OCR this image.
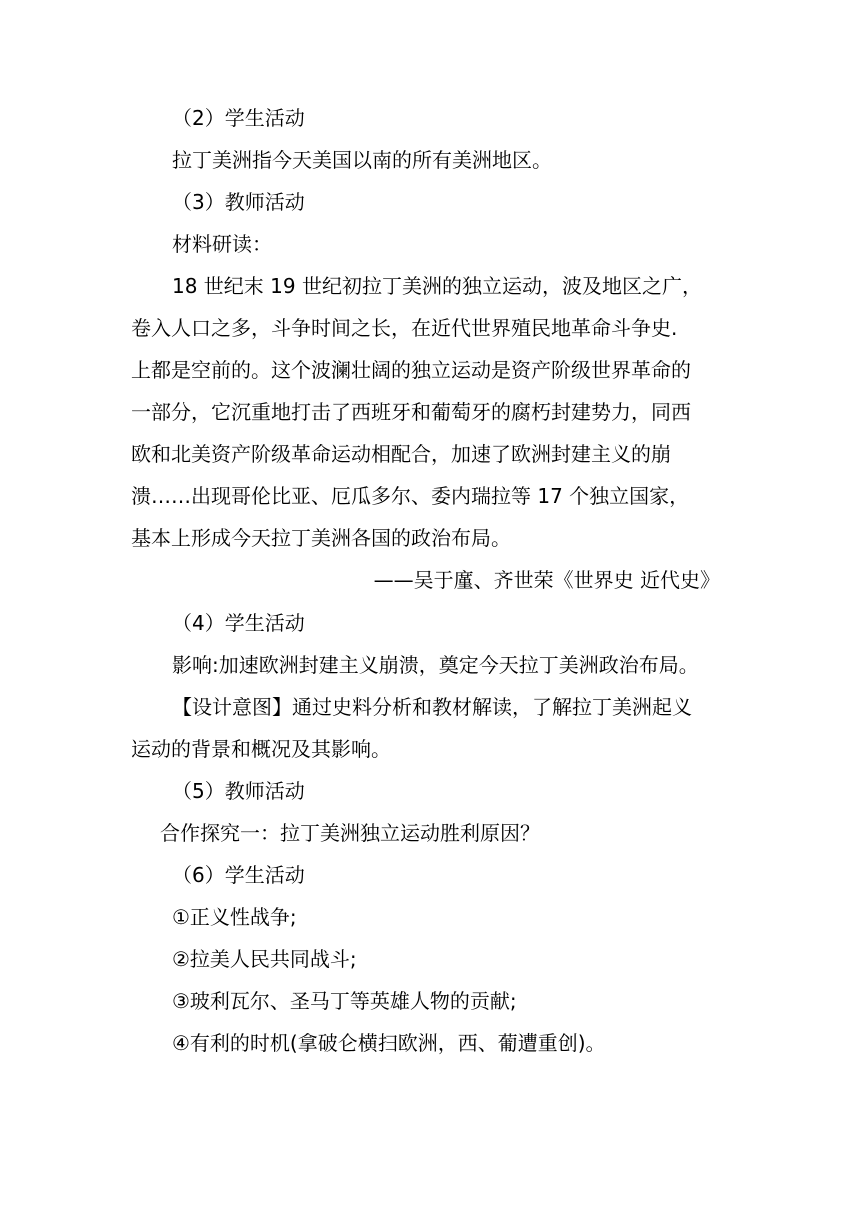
（2）学生活动
拉丁美洲指今天美国以南的所有美洲地区。
（3）教师活动
材料研读：
18 世纪末 19 世纪初拉丁美洲的独立运动，波及地区之广，
卷入人口之多，斗争时间之长，在近代世界殖民地革命斗争史.
上都是空前的。这个波澜壮阔的独立运动是资产阶级世界革命的
一部分，它沉重地打击了西班牙和葡萄牙的腐朽封建势力，同西
欧和北美资产阶级革命运动相配合，加速了欧洲封建主义的崩
溃……出现哥伦比亚、厄瓜多尔、委内瑞拉等 17 个独立国家，
基本上形成今天拉丁美洲各国的政治布局。
——吴于廑、齐世荣《世界史 近代史》
（4）学生活动
影响:加速欧洲封建主义崩溃，奠定今天拉丁美洲政治布局。
【设计意图】通过史料分析和教材解读，了解拉丁美洲起义
运动的背景和概况及其影响。
（5）教师活动
合作探究一：拉丁美洲独立运动胜利原因？
（6）学生活动
①正义性战争;
②拉美人民共同战斗;
③玻利瓦尔、圣马丁等英雄人物的贡献;
④有利的时机(拿破仑横扫欧洲，西、葡遭重创)。
